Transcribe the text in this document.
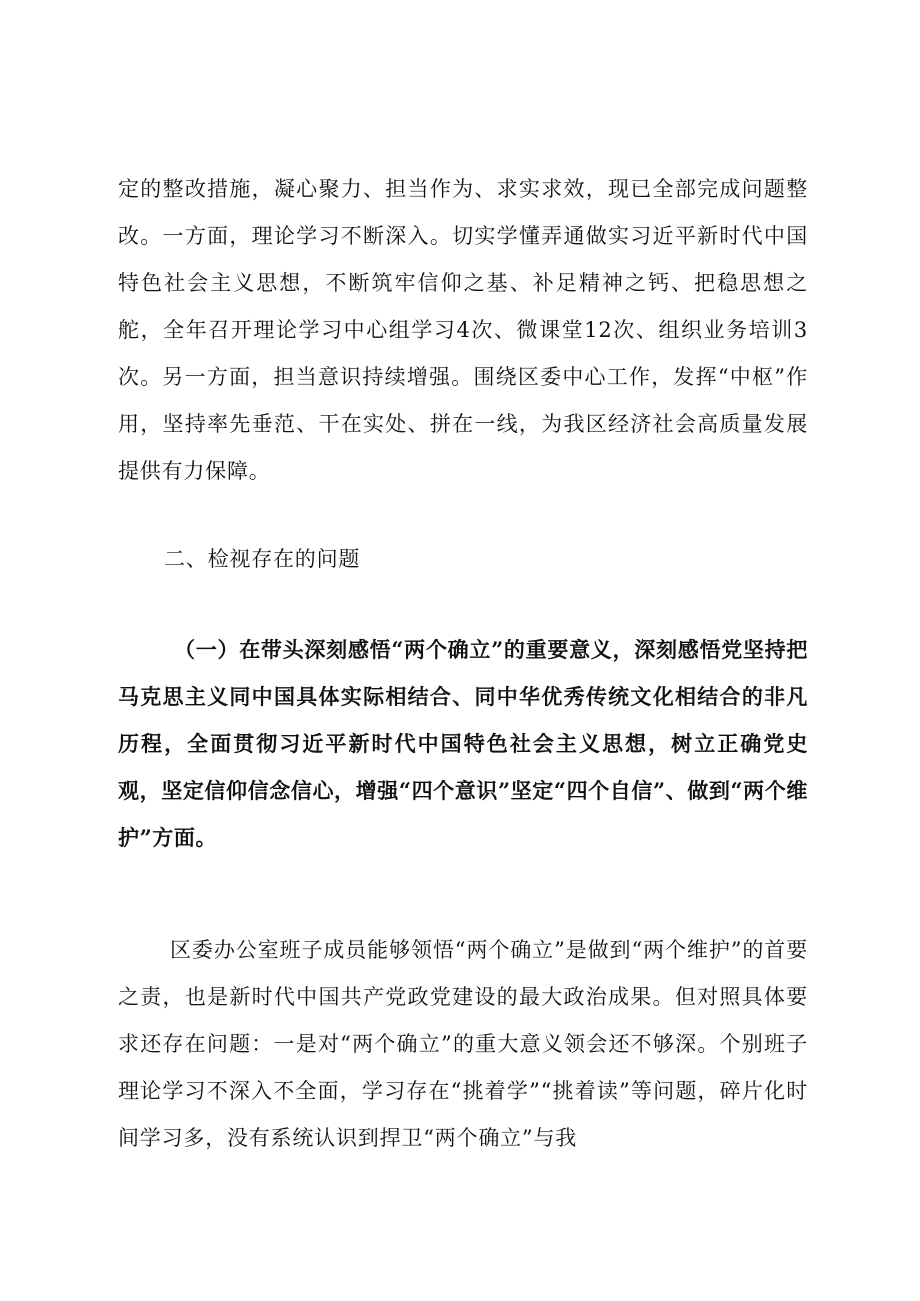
定的整改措施，凝心聚力、担当作为、求实求效，现已全部完成问题整改。一方面，理论学习不断深入。切实学懂弄通做实习近平新时代中国特色社会主义思想，不断筑牢信仰之基、补足精神之钙、把稳思想之舵，全年召开理论学习中心组学习4次、微课堂12次、组织业务培训3次。另一方面，担当意识持续增强。围绕区委中心工作，发挥“中枢”作用，坚持率先垂范、干在实处、拼在一线，为我区经济社会高质量发展提供有力保障。

二、检视存在的问题

（一）在带头深刻感悟“两个确立”的重要意义，深刻感悟党坚持把马克思主义同中国具体实际相结合、同中华优秀传统文化相结合的非凡历程，全面贯彻习近平新时代中国特色社会主义思想，树立正确党史观，坚定信仰信念信心，增强“四个意识”坚定“四个自信”、做到“两个维护”方面。

区委办公室班子成员能够领悟“两个确立”是做到“两个维护”的首要之责，也是新时代中国共产党政党建设的最大政治成果。但对照具体要求还存在问题：一是对“两个确立”的重大意义领会还不够深。个别班子理论学习不深入不全面，学习存在“挑着学”“挑着读”等问题，碎片化时间学习多，没有系统认识到捍卫“两个确立”与我
